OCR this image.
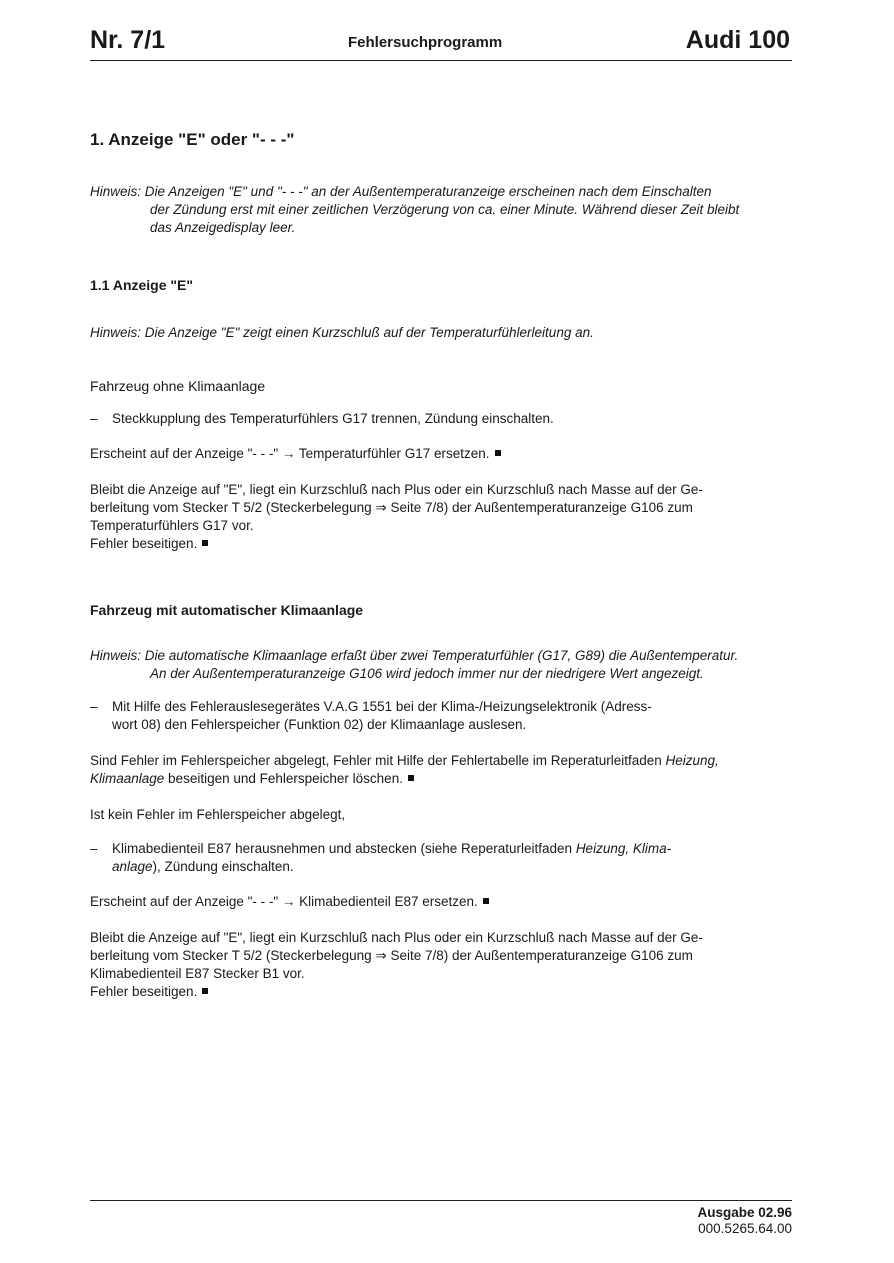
Nr. 7/1	Fehlersuchprogramm	Audi 100
1. Anzeige "E" oder "- - -"
Hinweis: Die Anzeigen "E" und "- - -" an der Außentemperaturanzeige erscheinen nach dem Einschalten
der Zündung erst mit einer zeitlichen Verzögerung von ca. einer Minute. Während dieser Zeit bleibt
das Anzeigedisplay leer.
1.1 Anzeige "E"
Hinweis: Die Anzeige "E" zeigt einen Kurzschluß auf der Temperaturfühlerleitung an.
Fahrzeug ohne Klimaanlage
–	Steckkupplung des Temperaturfühlers G17 trennen, Zündung einschalten.
Erscheint auf der Anzeige "- - -" → Temperaturfühler G17 ersetzen.
Bleibt die Anzeige auf "E", liegt ein Kurzschluß nach Plus oder ein Kurzschluß nach Masse auf der Ge-
berleitung vom Stecker T 5/2 (Steckerbelegung ⇒ Seite 7/8) der Außentemperaturanzeige G106 zum
Temperaturfühlers G17 vor.
Fehler beseitigen.
Fahrzeug mit automatischer Klimaanlage
Hinweis: Die automatische Klimaanlage erfaßt über zwei Temperaturfühler (G17, G89) die Außentemperatur.
An der Außentemperaturanzeige G106 wird jedoch immer nur der niedrigere Wert angezeigt.
–	Mit Hilfe des Fehlerauslesegerätes V.A.G 1551 bei der Klima-/Heizungselektronik (Adress-
wort 08) den Fehlerspeicher (Funktion 02) der Klimaanlage auslesen.
Sind Fehler im Fehlerspeicher abgelegt, Fehler mit Hilfe der Fehlertabelle im Reperaturleitfaden Heizung,
Klimaanlage beseitigen und Fehlerspeicher löschen.
Ist kein Fehler im Fehlerspeicher abgelegt,
–	Klimabedienteil E87 herausnehmen und abstecken (siehe Reperaturleitfaden Heizung, Klima-
anlage), Zündung einschalten.
Erscheint auf der Anzeige "- - -" → Klimabedienteil E87 ersetzen.
Bleibt die Anzeige auf "E", liegt ein Kurzschluß nach Plus oder ein Kurzschluß nach Masse auf der Ge-
berleitung vom Stecker T 5/2 (Steckerbelegung ⇒ Seite 7/8) der Außentemperaturanzeige G106 zum
Klimabedienteil E87 Stecker B1 vor.
Fehler beseitigen.
Ausgabe 02.96
000.5265.64.00
